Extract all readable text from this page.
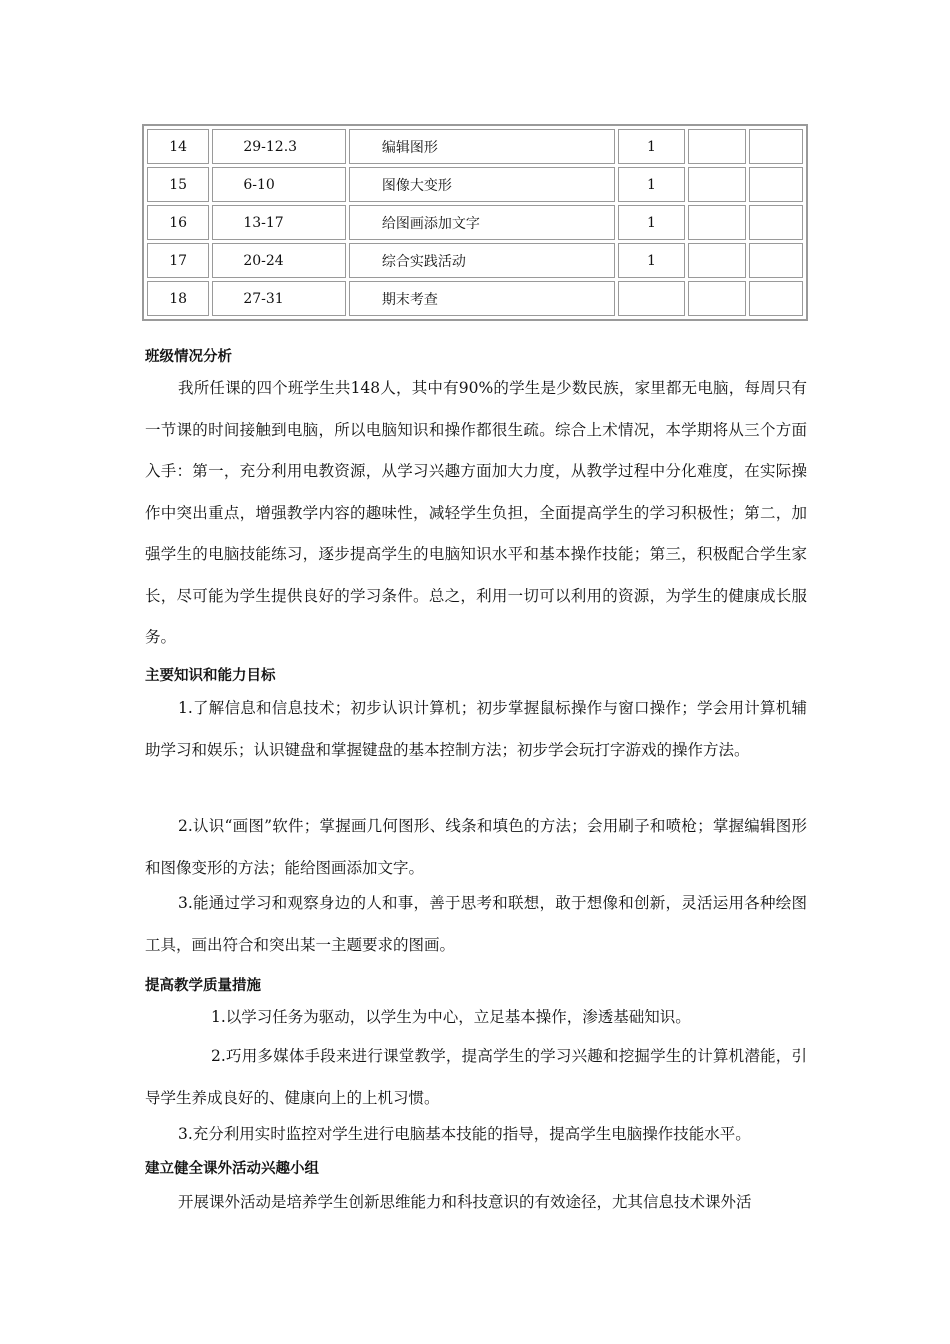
14	29-12.3	编辑图形	1		
15	6-10	图像大变形	1		
16	13-17	给图画添加文字	1		
17	20-24	综合实践活动	1		
18	27-31	期末考查			
班级情况分析

我所任课的四个班学生共148人，其中有90%的学生是少数民族，家里都无电脑，每周只有一节课的时间接触到电脑，所以电脑知识和操作都很生疏。综合上术情况，本学期将从三个方面入手：第一，充分利用电教资源，从学习兴趣方面加大力度，从教学过程中分化难度，在实际操作中突出重点，增强教学内容的趣味性，减轻学生负担，全面提高学生的学习积极性；第二，加强学生的电脑技能练习，逐步提高学生的电脑知识水平和基本操作技能；第三，积极配合学生家长，尽可能为学生提供良好的学习条件。总之，利用一切可以利用的资源，为学生的健康成长服务。

主要知识和能力目标

1.了解信息和信息技术；初步认识计算机；初步掌握鼠标操作与窗口操作；学会用计算机辅助学习和娱乐；认识键盘和掌握键盘的基本控制方法；初步学会玩打字游戏的操作方法。

2.认识“画图”软件；掌握画几何图形、线条和填色的方法；会用刷子和喷枪；掌握编辑图形和图像变形的方法；能给图画添加文字。

3.能通过学习和观察身边的人和事，善于思考和联想，敢于想像和创新，灵活运用各种绘图工具，画出符合和突出某一主题要求的图画。

提高教学质量措施

1.以学习任务为驱动，以学生为中心，立足基本操作，渗透基础知识。

2.巧用多媒体手段来进行课堂教学，提高学生的学习兴趣和挖掘学生的计算机潜能，引导学生养成良好的、健康向上的上机习惯。

3.充分利用实时监控对学生进行电脑基本技能的指导，提高学生电脑操作技能水平。

建立健全课外活动兴趣小组

开展课外活动是培养学生创新思维能力和科技意识的有效途径，尤其信息技术课外活
